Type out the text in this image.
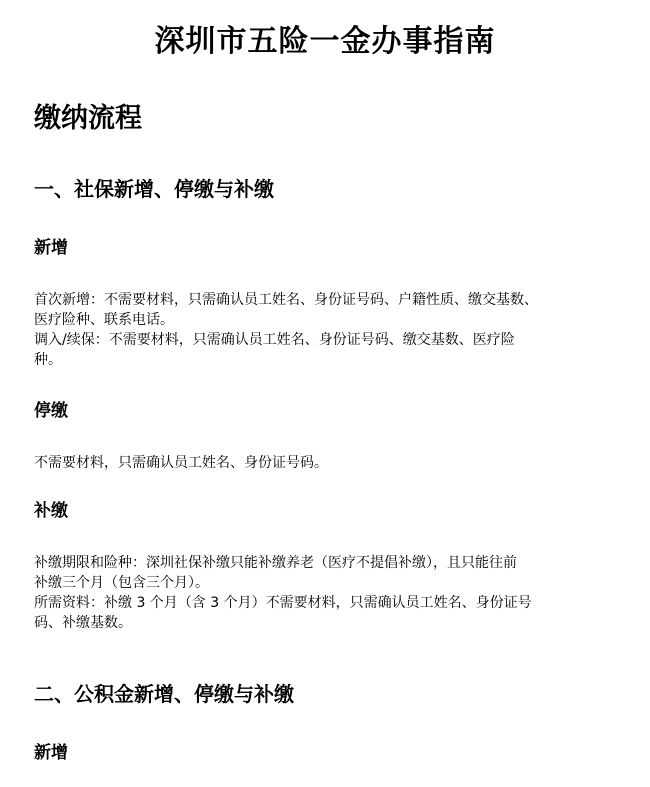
深圳市五险一金办事指南
缴纳流程
一、社保新增、停缴与补缴
新增
首次新增：不需要材料，只需确认员工姓名、身份证号码、户籍性质、缴交基数、
医疗险种、联系电话。
调入/续保：不需要材料，只需确认员工姓名、身份证号码、缴交基数、医疗险
种。
停缴
不需要材料，只需确认员工姓名、身份证号码。
补缴
补缴期限和险种：深圳社保补缴只能补缴养老（医疗不提倡补缴），且只能往前
补缴三个月（包含三个月）。
所需资料：补缴 3 个月（含 3 个月）不需要材料，只需确认员工姓名、身份证号
码、补缴基数。
二、公积金新增、停缴与补缴
新增
